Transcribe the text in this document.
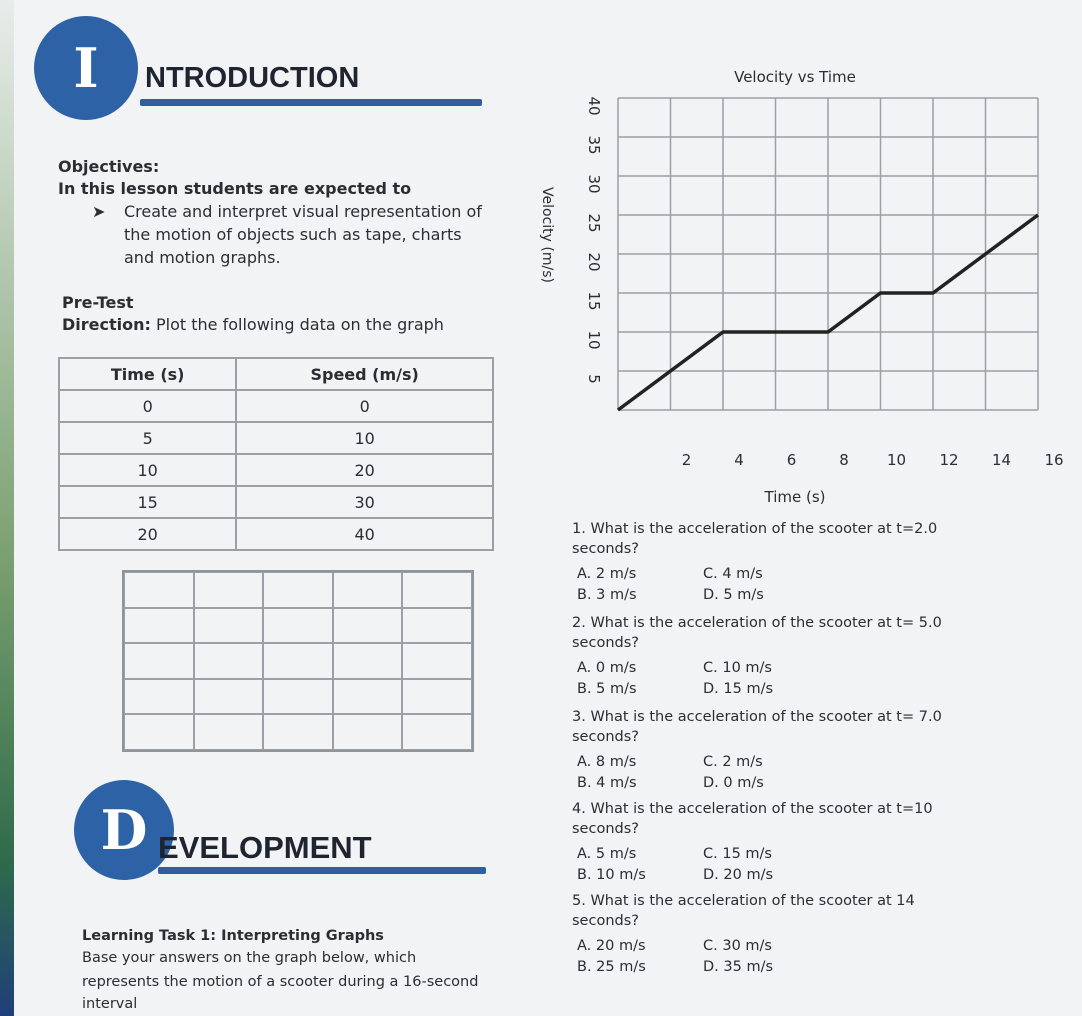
I	NTRODUCTION
Objectives:
In this lesson students are expected to
➤ Create and interpret visual representation of
the motion of objects such as tape, charts
and motion graphs.
Pre-Test
Direction: Plot the following data on the graph
Time (s)	Speed (m/s)
0	0
5	10
10	20
15	30
20	40
D EVELOPMENT
Learning Task 1: Interpreting Graphs
Base your answers on the graph below, which
represents the motion of a scooter during a 16-second
interval
Velocity vs Time
Time (s)
Velocity (m/s)
40
35
30
25
20
15
10
5
2	4	6	8	10 12 14 16
1. What is the acceleration of the scooter at t=2.0
seconds?
A. 2 m/s	C. 4 m/s
B. 3 m/s	D. 5 m/s
2. What is the acceleration of the scooter at t= 5.0
seconds?
A. 0 m/s	C. 10 m/s
B. 5 m/s	D. 15 m/s
3. What is the acceleration of the scooter at t= 7.0
seconds?
A. 8 m/s	C. 2 m/s
B. 4 m/s	D. 0 m/s
4. What is the acceleration of the scooter at t=10
seconds?
A. 5 m/s	C. 15 m/s
B. 10 m/s	D. 20 m/s
5. What is the acceleration of the scooter at 14
seconds?
A. 20 m/s	C. 30 m/s
B. 25 m/s	D. 35 m/s
